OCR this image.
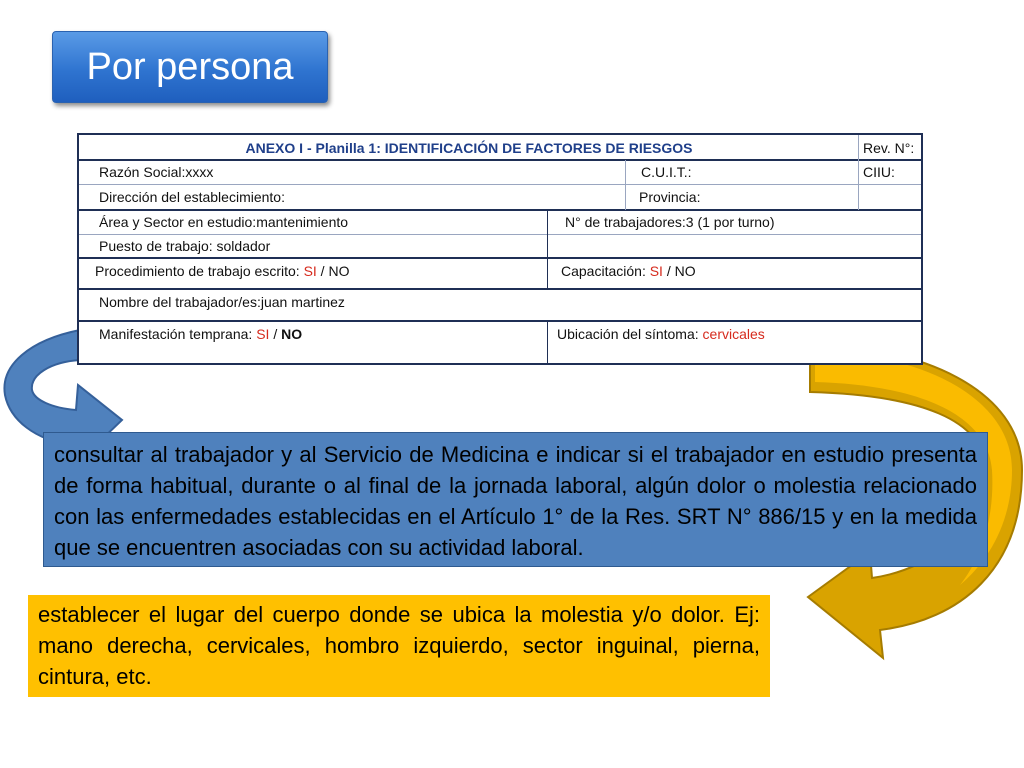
Por persona
ANEXO I - Planilla 1: IDENTIFICACIÓN DE FACTORES DE RIESGOS	Rev. N°:
Razón Social:xxxx	C.U.I.T.:	CIIU:
Dirección del establecimiento:	Provincia:
Área y Sector en estudio:mantenimiento	N° de trabajadores:3 (1 por turno)
Puesto de trabajo: soldador
Procedimiento de trabajo escrito: SI / NO	Capacitación: SI / NO
Nombre del trabajador/es:juan martinez
Manifestación temprana: SI / NO	Ubicación del síntoma: cervicales
consultar al trabajador y al Servicio de Medicina e indicar si el trabajador en estudio presenta de forma habitual, durante o al final de la jornada laboral, algún dolor o molestia relacionado con las enfermedades establecidas en el Artículo 1° de la Res. SRT N° 886/15 y en la medida que se encuentren asociadas con su actividad laboral.
establecer el lugar del cuerpo donde se ubica la molestia y/o dolor. Ej: mano derecha, cervicales, hombro izquierdo, sector inguinal, pierna, cintura, etc.
